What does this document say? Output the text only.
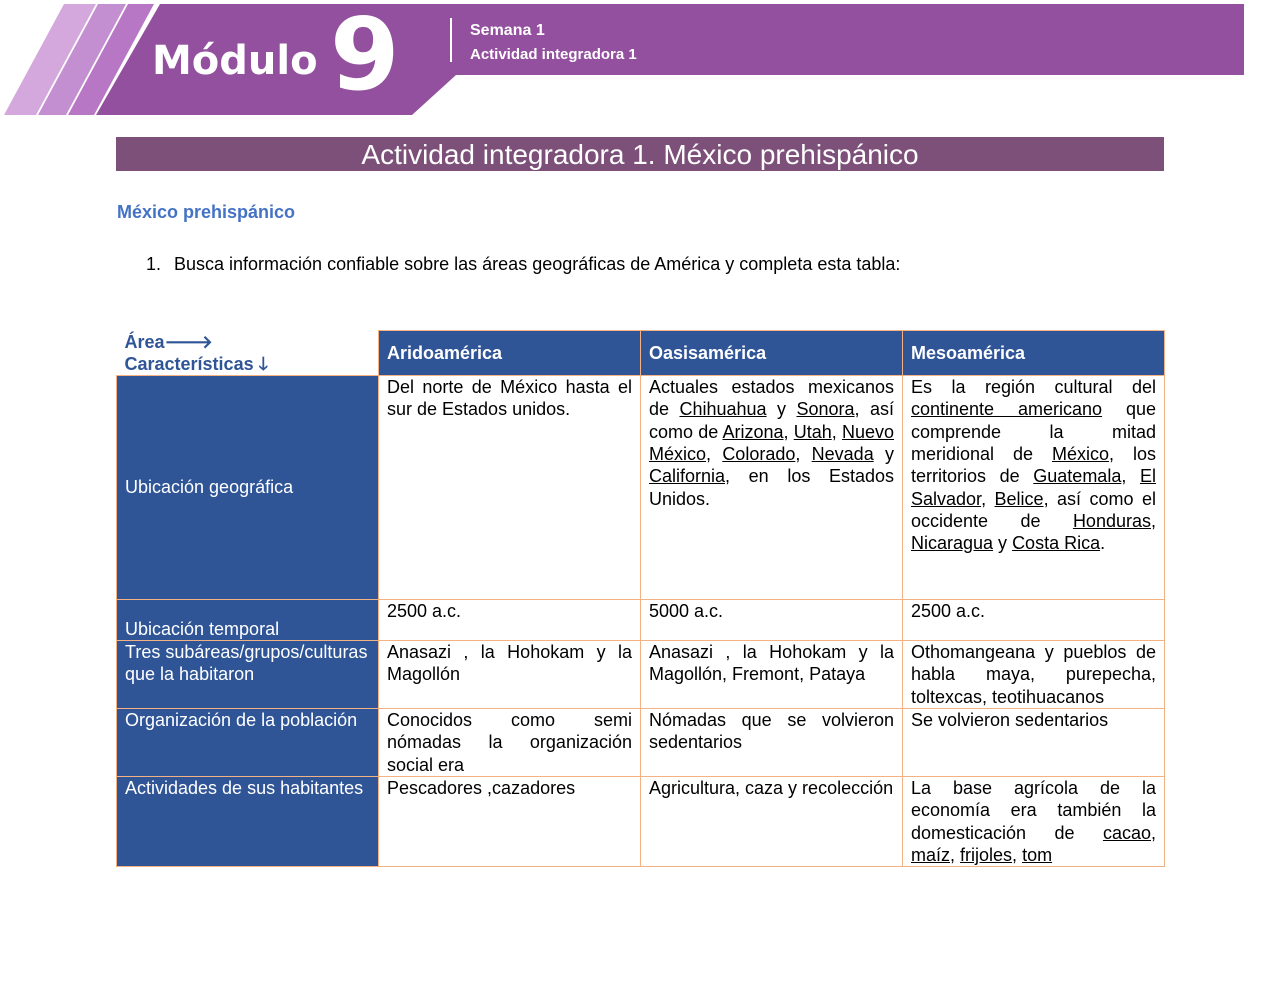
Módulo 9	Semana 1
Actividad integradora 1
Actividad integradora 1. México prehispánico
México prehispánico
1. Busca información confiable sobre las áreas geográficas de América y completa esta tabla:
Área🡒
Características 🡓	Aridoamérica	Oasisamérica	Mesoamérica
Ubicación geográfica	Del norte de México hasta el sur de Estados unidos.	Actuales estados mexicanos de Chihuahua y Sonora, así como de Arizona, Utah, Nuevo México, Colorado, Nevada y California, en los Estados Unidos.	Es la región cultural del continente americano que comprende la mitad meridional de México, los territorios de Guatemala, El Salvador, Belice, así como el occidente de Honduras, Nicaragua y Costa Rica.
Ubicación temporal	2500 a.c.	5000 a.c.	2500 a.c.
Tres subáreas/grupos/culturas que la habitaron	Anasazi , la Hohokam y la Magollón	Anasazi , la Hohokam y la Magollón, Fremont, Pataya	Othomangeana y pueblos de habla maya, purepecha, toltexcas, teotihuacanos
Organización de la población	Conocidos como semi nómadas la organización social era	Nómadas que se volvieron sedentarios	Se volvieron sedentarios
Actividades de sus habitantes	Pescadores ,cazadores	Agricultura, caza y recolección	La base agrícola de la economía era también la domesticación de cacao, maíz, frijoles, tom
